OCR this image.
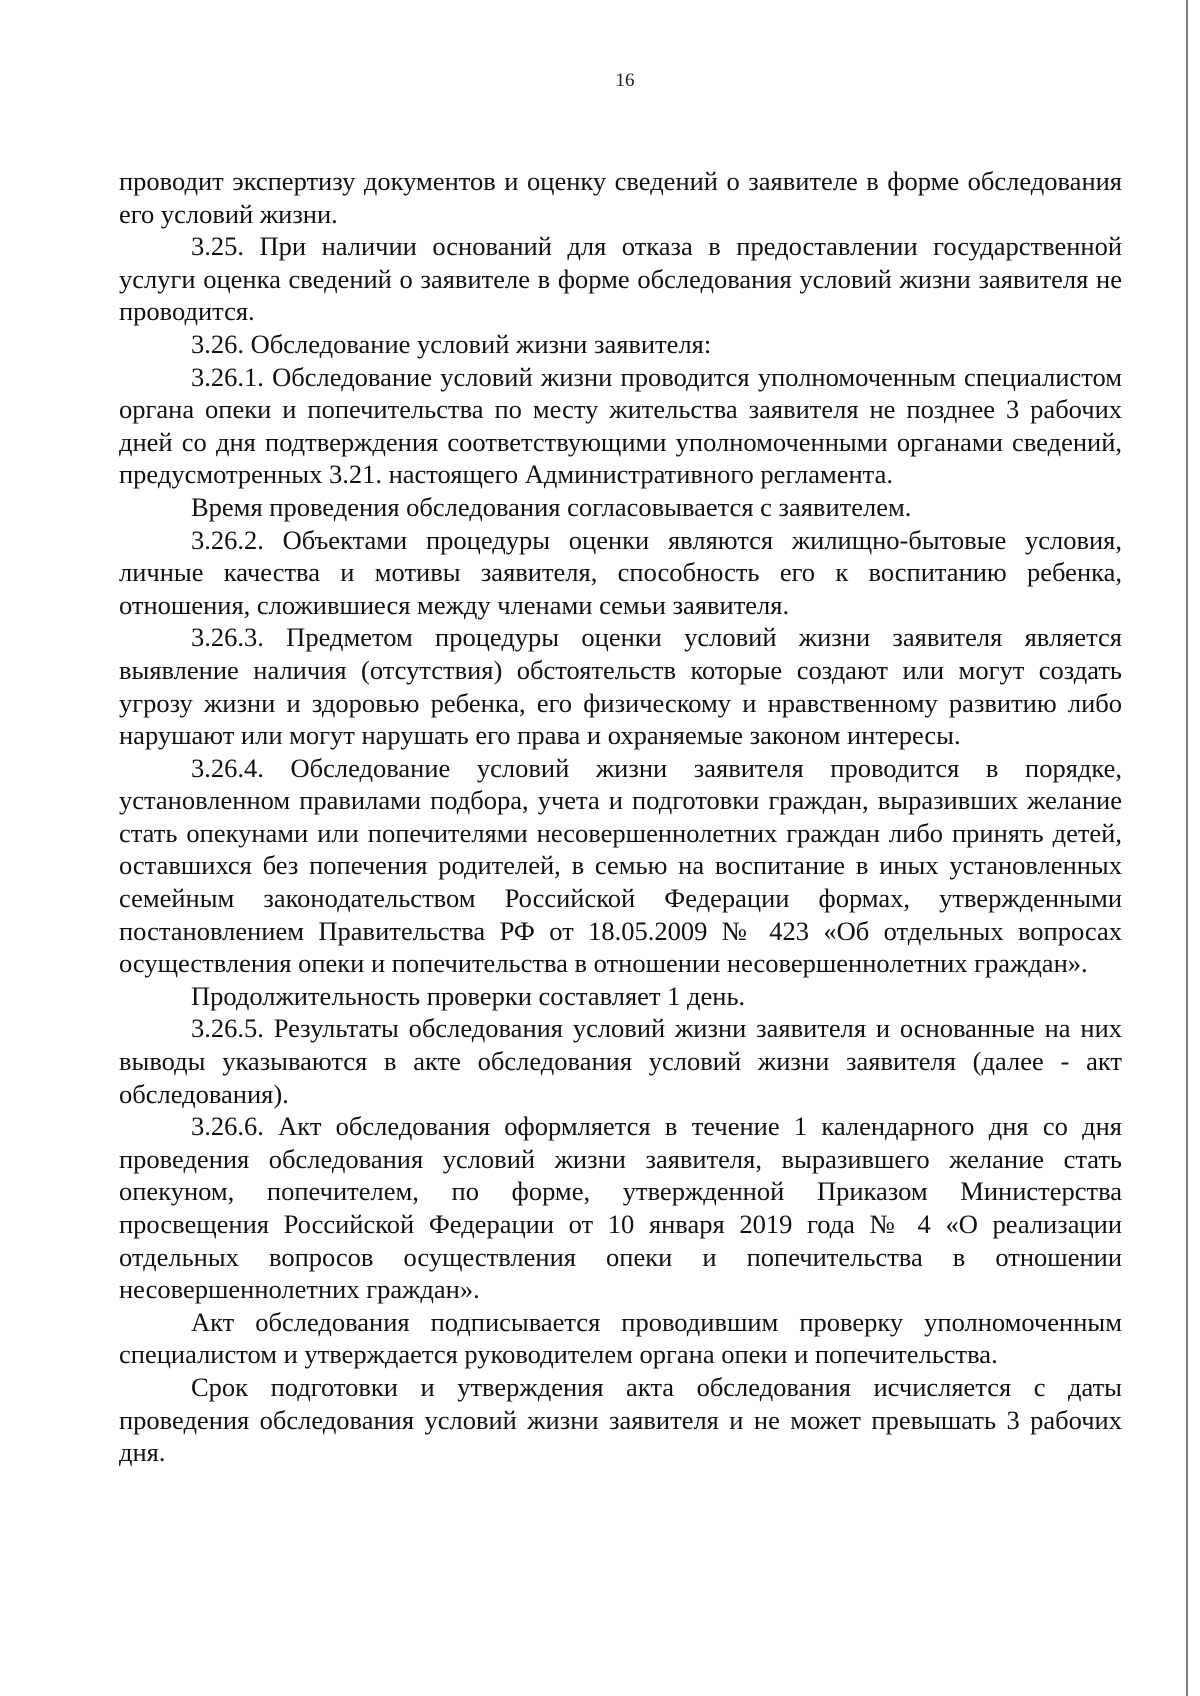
16

проводит экспертизу документов и оценку сведений о заявителе в форме обследования его условий жизни.

3.25. При наличии оснований для отказа в предоставлении государственной услуги оценка сведений о заявителе в форме обследования условий жизни заявителя не проводится.

3.26. Обследование условий жизни заявителя:

3.26.1. Обследование условий жизни проводится уполномоченным специалистом органа опеки и попечительства по месту жительства заявителя не позднее 3 рабочих дней со дня подтверждения соответствующими уполномоченными органами сведений, предусмотренных 3.21. настоящего Административного регламента.

Время проведения обследования согласовывается с заявителем.

3.26.2. Объектами процедуры оценки являются жилищно-бытовые условия, личные качества и мотивы заявителя, способность его к воспитанию ребенка, отношения, сложившиеся между членами семьи заявителя.

3.26.3. Предметом процедуры оценки условий жизни заявителя является выявление наличия (отсутствия) обстоятельств которые создают или могут создать угрозу жизни и здоровью ребенка, его физическому и нравственному развитию либо нарушают или могут нарушать его права и охраняемые законом интересы.

3.26.4. Обследование условий жизни заявителя проводится в порядке, установленном правилами подбора, учета и подготовки граждан, выразивших желание стать опекунами или попечителями несовершеннолетних граждан либо принять детей, оставшихся без попечения родителей, в семью на воспитание в иных установленных семейным законодательством Российской Федерации формах, утвержденными постановлением Правительства РФ от 18.05.2009 № 423 «Об отдельных вопросах осуществления опеки и попечительства в отношении несовершеннолетних граждан».

Продолжительность проверки составляет 1 день.

3.26.5. Результаты обследования условий жизни заявителя и основанные на них выводы указываются в акте обследования условий жизни заявителя (далее - акт обследования).

3.26.6. Акт обследования оформляется в течение 1 календарного дня со дня проведения обследования условий жизни заявителя, выразившего желание стать опекуном, попечителем, по форме, утвержденной Приказом Министерства просвещения Российской Федерации от 10 января 2019 года № 4 «О реализации отдельных вопросов осуществления опеки и попечительства в отношении несовершеннолетних граждан».

Акт обследования подписывается проводившим проверку уполномоченным специалистом и утверждается руководителем органа опеки и попечительства.

Срок подготовки и утверждения акта обследования исчисляется с даты проведения обследования условий жизни заявителя и не может превышать 3 рабочих дня.
